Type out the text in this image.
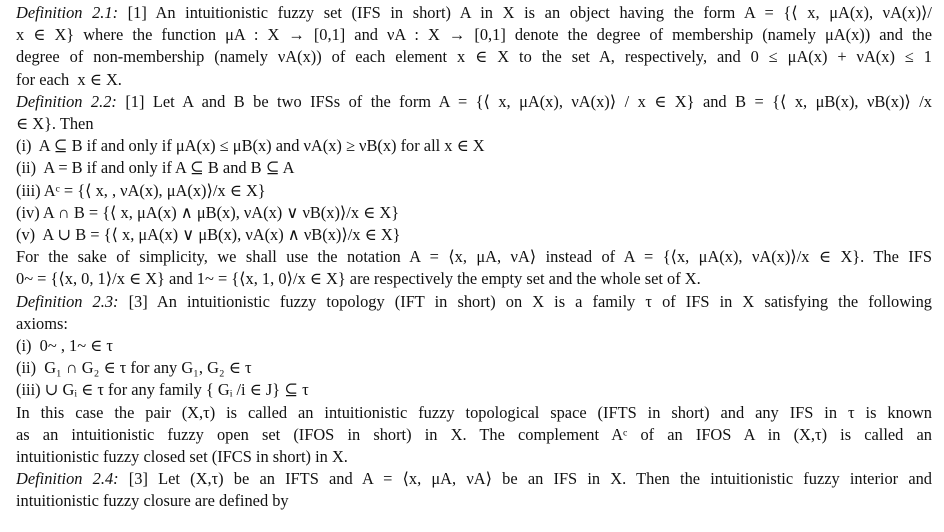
Definition 2.1: [1] An intuitionistic fuzzy set (IFS in short) A in X is an object having the form A = {⟨ x, μA(x), νA(x)⟩/
x ∈ X} where the function μA : X → [0,1] and νA : X → [0,1] denote the degree of membership (namely μA(x)) and the
degree of non-membership (namely νA(x)) of each element x ∈ X to the set A, respectively, and 0 ≤ μA(x) + νA(x) ≤ 1
for each  x ∈ X.
Definition 2.2: [1] Let A and B be two IFSs of the form A = {⟨ x, μA(x), νA(x)⟩ / x ∈ X} and B = {⟨ x, μB(x), νB(x)⟩ /x
∈ X}. Then
(i)  A ⊆ B if and only if μA(x) ≤ μB(x) and νA(x) ≥ νB(x) for all x ∈ X
(ii)  A = B if and only if A ⊆ B and B ⊆ A
(iii) Aᶜ = {⟨ x, , νA(x), μA(x)⟩/x ∈ X}
(iv) A ∩ B = {⟨ x, μA(x) ∧ μB(x), νA(x) ∨ νB(x)⟩/x ∈ X}
(v)  A ∪ B = {⟨ x, μA(x) ∨ μB(x), νA(x) ∧ νB(x)⟩/x ∈ X}
For the sake of simplicity, we shall use the notation A = ⟨x, μA, νA⟩ instead of A = {⟨x, μA(x), νA(x)⟩/x ∈ X}. The IFS
0~ = {⟨x, 0, 1⟩/x ∈ X} and 1~ = {⟨x, 1, 0⟩/x ∈ X} are respectively the empty set and the whole set of X.
Definition 2.3: [3] An intuitionistic fuzzy topology (IFT in short) on X is a family τ of IFS in X satisfying the following
axioms:
(i)  0~ , 1~ ∈ τ
(ii)  G₁ ∩ G₂ ∈ τ for any G₁, G₂ ∈ τ
(iii) ∪ Gᵢ ∈ τ for any family { Gᵢ /i ∈ J} ⊆ τ
In this case the pair (X,τ) is called an intuitionistic fuzzy topological space (IFTS in short) and any IFS in τ is known
as an intuitionistic fuzzy open set (IFOS in short) in X. The complement Aᶜ of an IFOS A in (X,τ) is called an
intuitionistic fuzzy closed set (IFCS in short) in X.
Definition 2.4: [3] Let (X,τ) be an IFTS and A = ⟨x, μA, νA⟩ be an IFS in X. Then the intuitionistic fuzzy interior and
intuitionistic fuzzy closure are defined by
